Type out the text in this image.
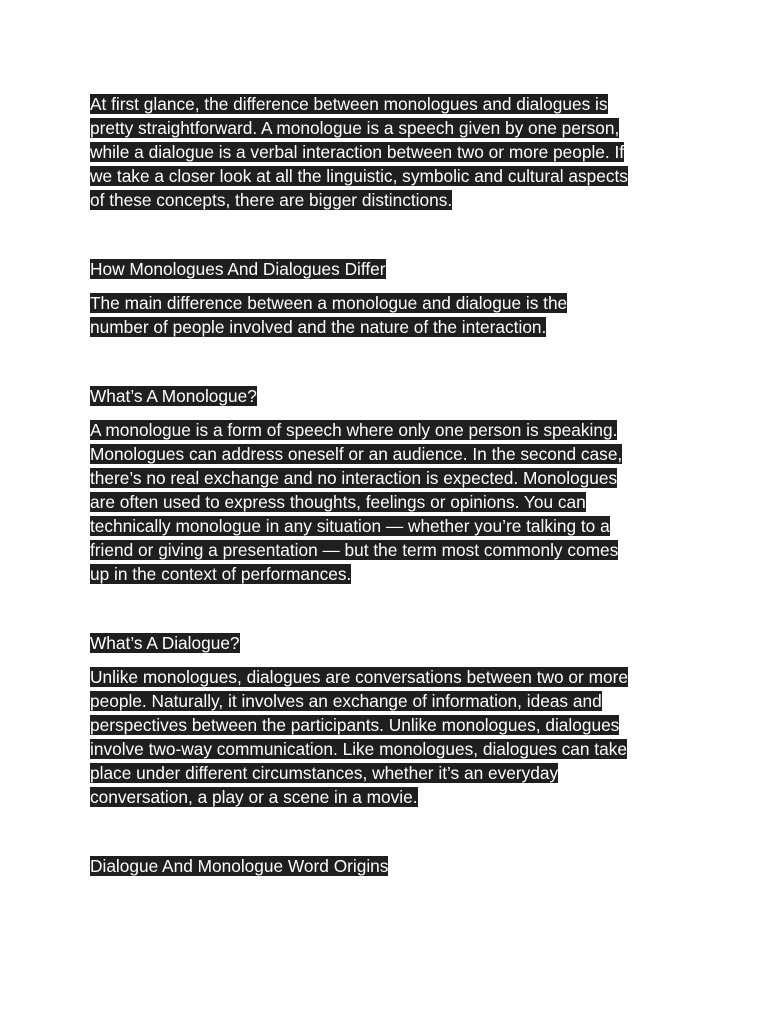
At first glance, the difference between monologues and dialogues is
pretty straightforward. A monologue is a speech given by one person,
while a dialogue is a verbal interaction between two or more people. If
we take a closer look at all the linguistic, symbolic and cultural aspects
of these concepts, there are bigger distinctions.

How Monologues And Dialogues Differ

The main difference between a monologue and dialogue is the
number of people involved and the nature of the interaction.

What’s A Monologue?

A monologue is a form of speech where only one person is speaking.
Monologues can address oneself or an audience. In the second case,
there’s no real exchange and no interaction is expected. Monologues
are often used to express thoughts, feelings or opinions. You can
technically monologue in any situation — whether you’re talking to a
friend or giving a presentation — but the term most commonly comes
up in the context of performances.

What’s A Dialogue?

Unlike monologues, dialogues are conversations between two or more
people. Naturally, it involves an exchange of information, ideas and
perspectives between the participants. Unlike monologues, dialogues
involve two-way communication. Like monologues, dialogues can take
place under different circumstances, whether it’s an everyday
conversation, a play or a scene in a movie.

Dialogue And Monologue Word Origins
